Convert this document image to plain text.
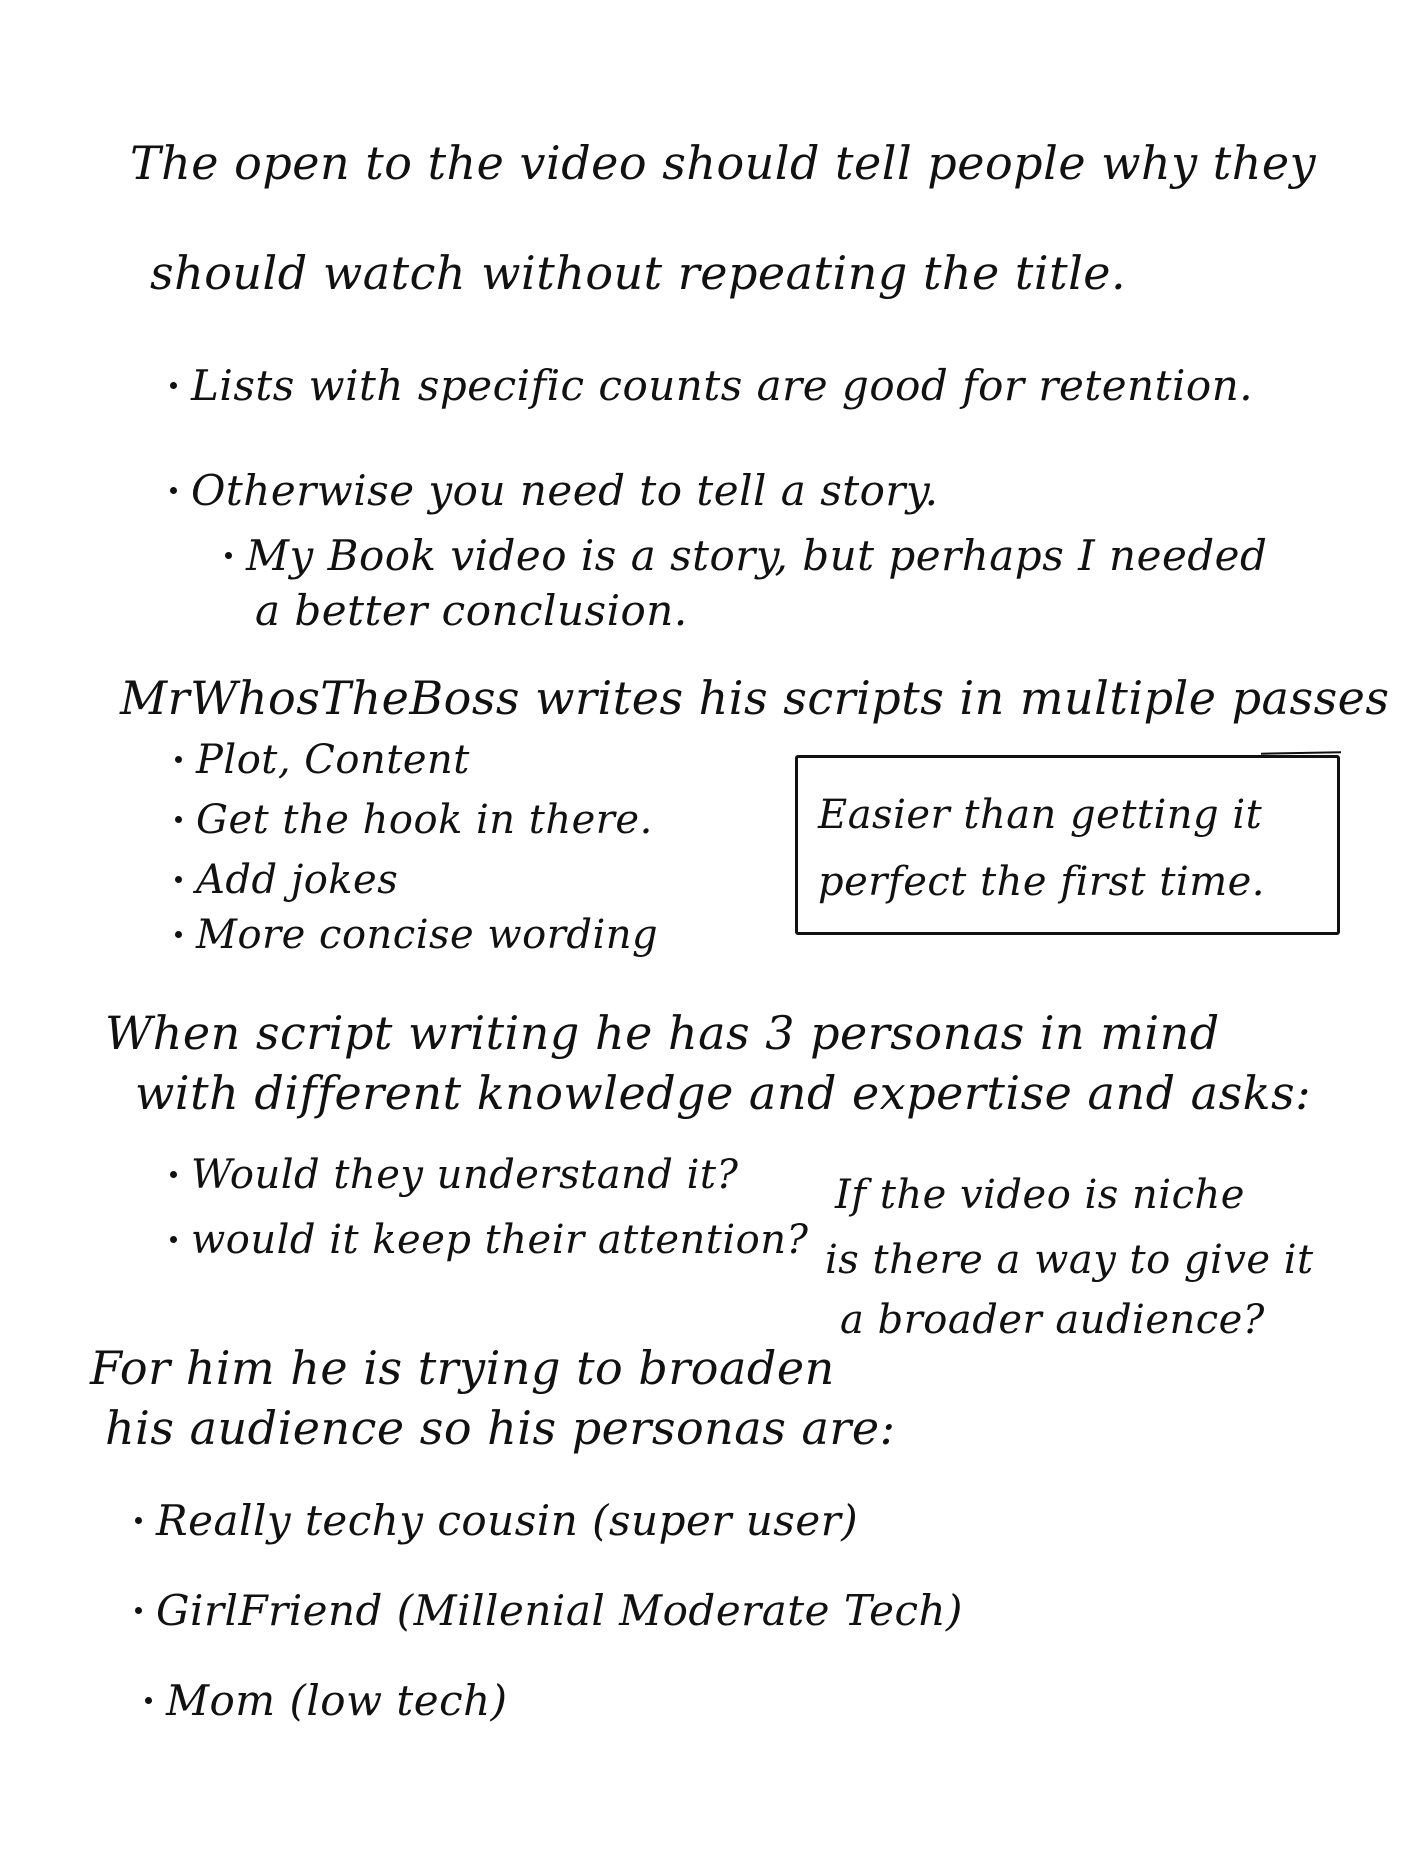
The open to the video should tell people why they
should watch without repeating the title.
Lists with specific counts are good for retention.
Otherwise you need to tell a story.
My Book video is a story, but perhaps I needed
a better conclusion.
MrWhosTheBoss writes his scripts in multiple passes
Plot, Content
Get the hook in there.
Add jokes
More concise wording
Easier than getting it
perfect the first time.
When script writing he has 3 personas in mind
with different knowledge and expertise and asks:
Would they understand it?
would it keep their attention?
If the video is niche
is there a way to give it
a broader audience?
For him he is trying to broaden
his audience so his personas are:
Really techy cousin (super user)
GirlFriend (Millenial Moderate Tech)
Mom (low tech)
